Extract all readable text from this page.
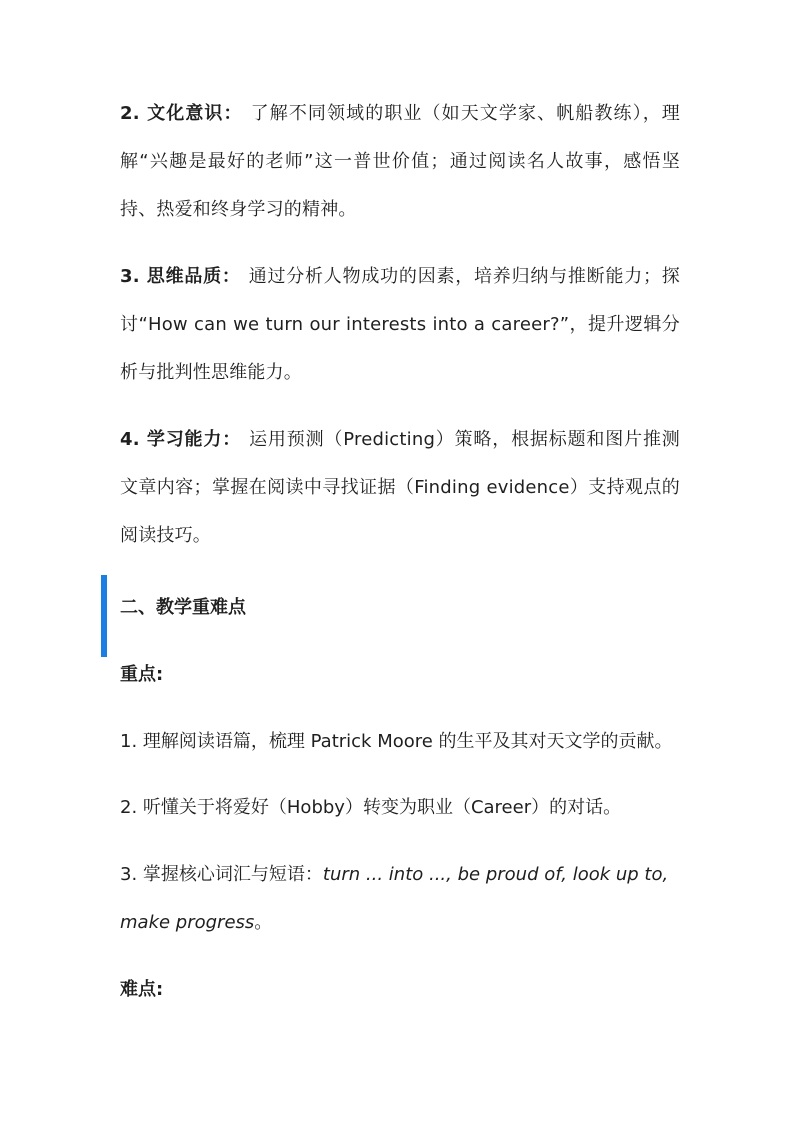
2. 文化意识： 了解不同领域的职业（如天文学家、帆船教练），理解“兴趣是最好的老师”这一普世价值；通过阅读名人故事，感悟坚持、热爱和终身学习的精神。

3. 思维品质： 通过分析人物成功的因素，培养归纳与推断能力；探讨“How can we turn our interests into a career?”，提升逻辑分析与批判性思维能力。

4. 学习能力： 运用预测（Predicting）策略，根据标题和图片推测文章内容；掌握在阅读中寻找证据（Finding evidence）支持观点的阅读技巧。

二、教学重难点

重点:

1. 理解阅读语篇，梳理 Patrick Moore 的生平及其对天文学的贡献。

2. 听懂关于将爱好（Hobby）转变为职业（Career）的对话。

3. 掌握核心词汇与短语：turn ... into ..., be proud of, look up to,

make progress。

难点:
